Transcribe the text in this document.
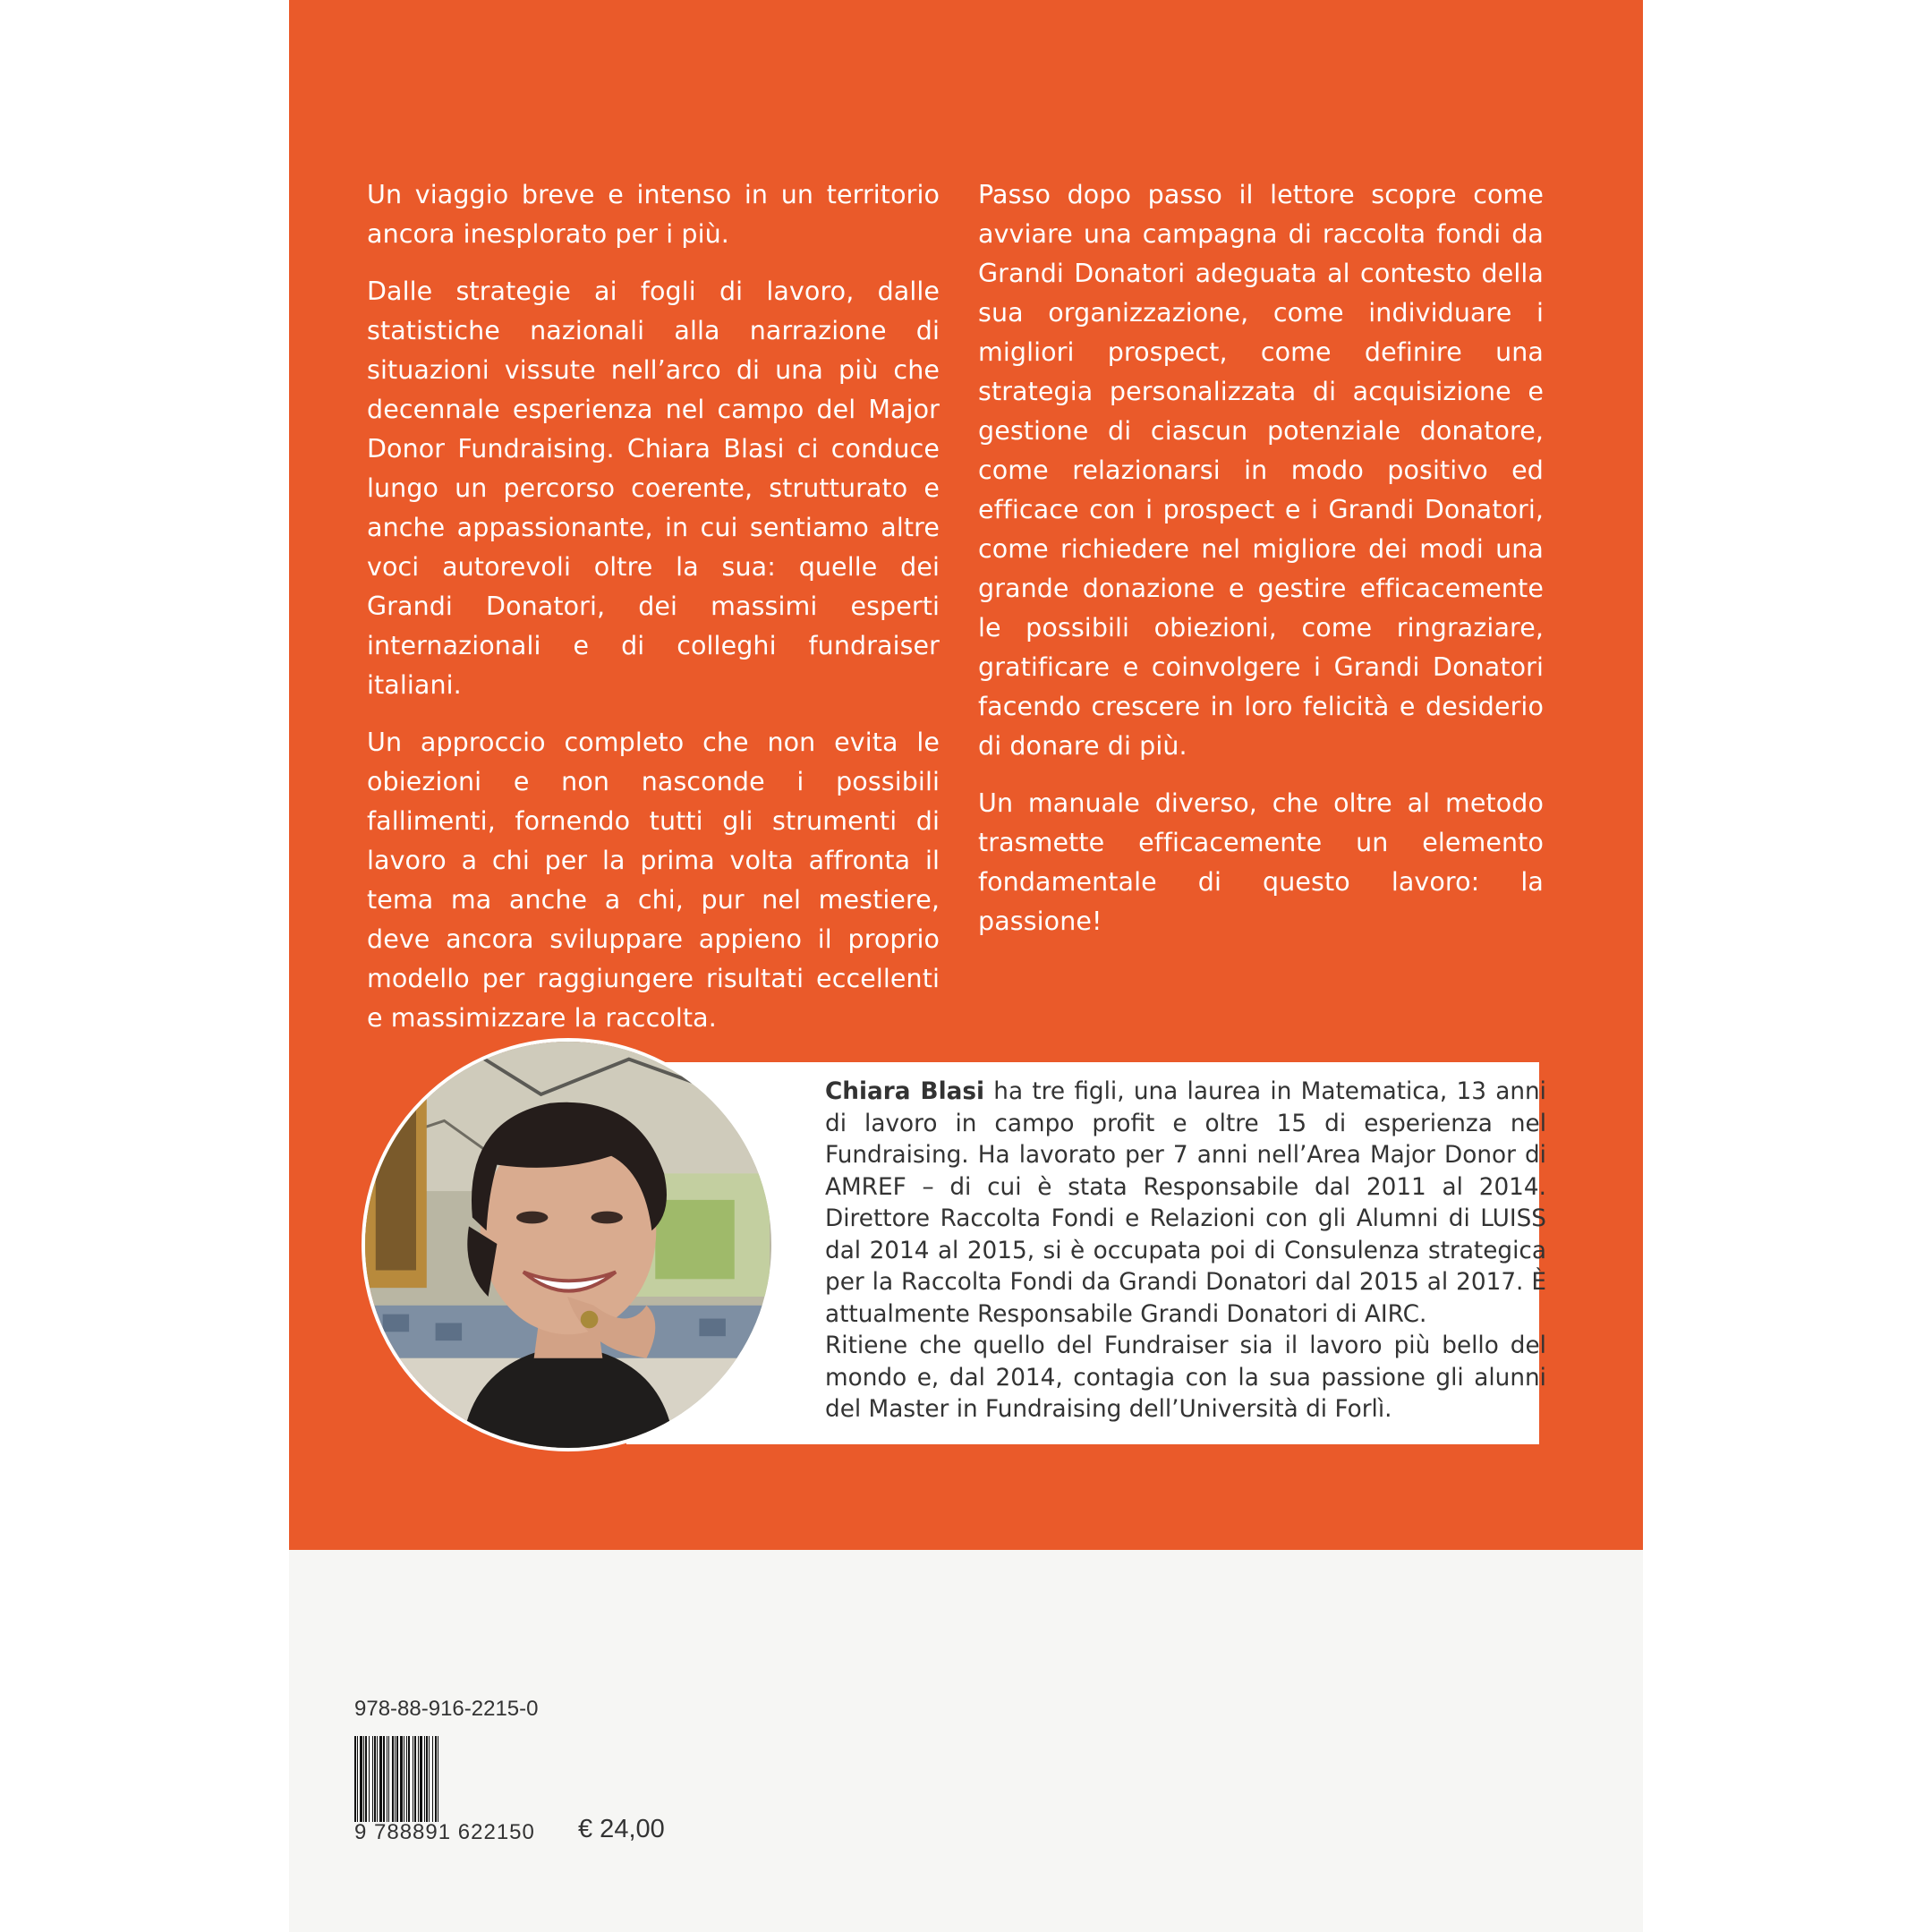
Un viaggio breve e intenso in un territorio ancora inesplorato per i più.

Dalle strategie ai fogli di lavoro, dalle statistiche nazionali alla narrazione di situazioni vissute nell’arco di una più che decennale esperienza nel campo del Major Donor Fundraising. Chiara Blasi ci conduce lungo un percorso coerente, strutturato e anche appassionante, in cui sentiamo altre voci autorevoli oltre la sua: quelle dei Grandi Donatori, dei massimi esperti internazionali e di colleghi fundraiser italiani.

Un approccio completo che non evita le obiezioni e non nasconde i possibili fallimenti, fornendo tutti gli strumenti di lavoro a chi per la prima volta affronta il tema ma anche a chi, pur nel mestiere, deve ancora sviluppare appieno il proprio modello per raggiungere risultati eccellenti e massimizzare la raccolta.

Passo dopo passo il lettore scopre come avviare una campagna di raccolta fondi da Grandi Donatori adeguata al contesto della sua organizzazione, come individuare i migliori prospect, come definire una strategia personalizzata di acquisizione e gestione di ciascun potenziale donatore, come relazionarsi in modo positivo ed efficace con i prospect e i Grandi Donatori, come richiedere nel migliore dei modi una grande donazione e gestire efficacemente le possibili obiezioni, come ringraziare, gratificare e coinvolgere i Grandi Donatori facendo crescere in loro felicità e desiderio di donare di più.

Un manuale diverso, che oltre al metodo trasmette efficacemente un elemento fondamentale di questo lavoro: la passione!

Chiara Blasi ha tre figli, una laurea in Matematica, 13 anni di lavoro in campo profit e oltre 15 di esperienza nel Fundraising. Ha lavorato per 7 anni nell’Area Major Donor di AMREF – di cui è stata Responsabile dal 2011 al 2014. Direttore Raccolta Fondi e Relazioni con gli Alumni di LUISS dal 2014 al 2015, si è occupata poi di Consulenza strategica per la Raccolta Fondi da Grandi Donatori dal 2015 al 2017. È attualmente Responsabile Grandi Donatori di AIRC.

Ritiene che quello del Fundraiser sia il lavoro più bello del mondo e, dal 2014, contagia con la sua passione gli alunni del Master in Fundraising dell’Università di Forlì.

978-88-916-2215-0
9 788891 622150 € 24,00
